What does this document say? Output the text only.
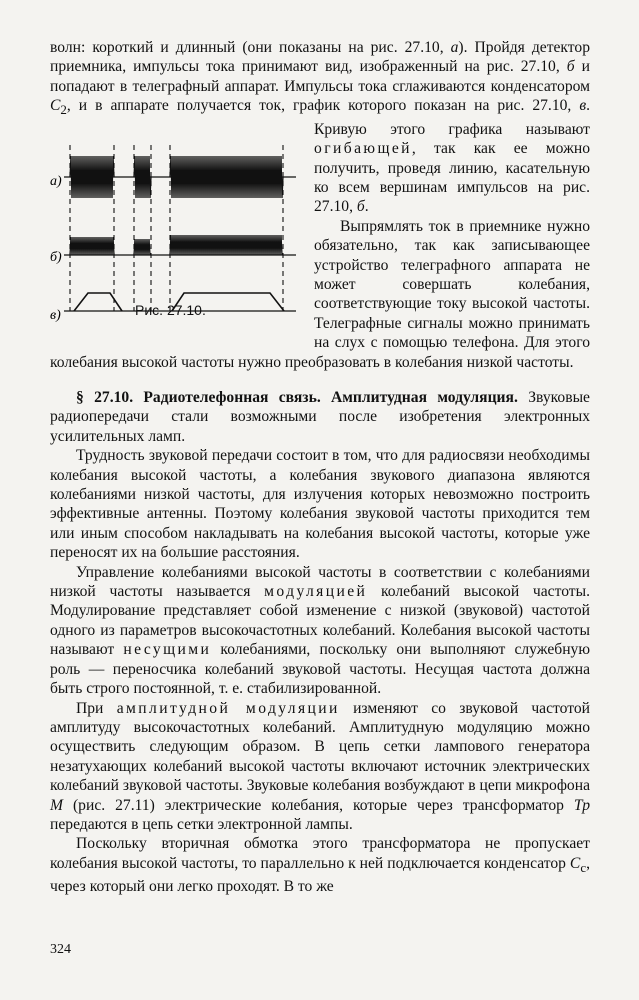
волн: короткий и длинный (они показаны на рис. 27.10, а). Пройдя детектор приемника, импульсы тока принимают вид, изображенный на рис. 27.10, б и попадают в телеграфный аппарат. Импульсы тока сглаживаются конденсатором $C_2$, и в аппарате получается ток, график которого показан на рис. 27.10,
а)
б)
в)	Рис. 27.10.
в. Кривую этого графика называют огибающей, так как ее можно получить, проведя линию, касательную ко всем вершинам импульсов на рис. 27.10, б.

Выпрямлять ток в приемнике нужно обязательно, так как записывающее устройство телеграфного аппарата не может совершать колебания, соответствующие току высокой частоты. Телеграфные сигналы можно принимать на слух с помощью телефона. Для этого колебания высокой частоты нужно преобразовать в колебания низкой частоты.

§ 27.10. Радиотелефонная связь. Амплитудная модуляция. Звуковые радиопередачи стали возможными после изобретения электронных усилительных ламп.

Трудность звуковой передачи состоит в том, что для радиосвязи необходимы колебания высокой частоты, а колебания звукового диапазона являются колебаниями низкой частоты, для излучения которых невозможно построить эффективные антенны. Поэтому колебания звуковой частоты приходится тем или иным способом накладывать на колебания высокой частоты, которые уже переносят их на большие расстояния.

Управление колебаниями высокой частоты в соответствии с колебаниями низкой частоты называется модуляцией колебаний высокой частоты. Модулирование представляет собой изменение с низкой (звуковой) частотой одного из параметров высокочастотных колебаний. Колебания высокой частоты называют несущими колебаниями, поскольку они выполняют служебную роль — переносчика колебаний звуковой частоты. Несущая частота должна быть строго постоянной, т. е. стабилизированной.

При амплитудной модуляции изменяют со звуковой частотой амплитуду высокочастотных колебаний. Амплитудную модуляцию можно осуществить следующим образом. В цепь сетки лампового генератора незатухающих колебаний высокой частоты включают источник электрических колебаний звуковой частоты. Звуковые колебания возбуждают в цепи микрофона М (рис. 27.11) электрические колебания, которые через трансформатор Тр передаются в цепь сетки электронной лампы.

Поскольку вторичная обмотка этого трансформатора не пропускает колебания высокой частоты, то параллельно к ней подключается конденсатор $C_с$, через который они легко проходят. В то же

324
